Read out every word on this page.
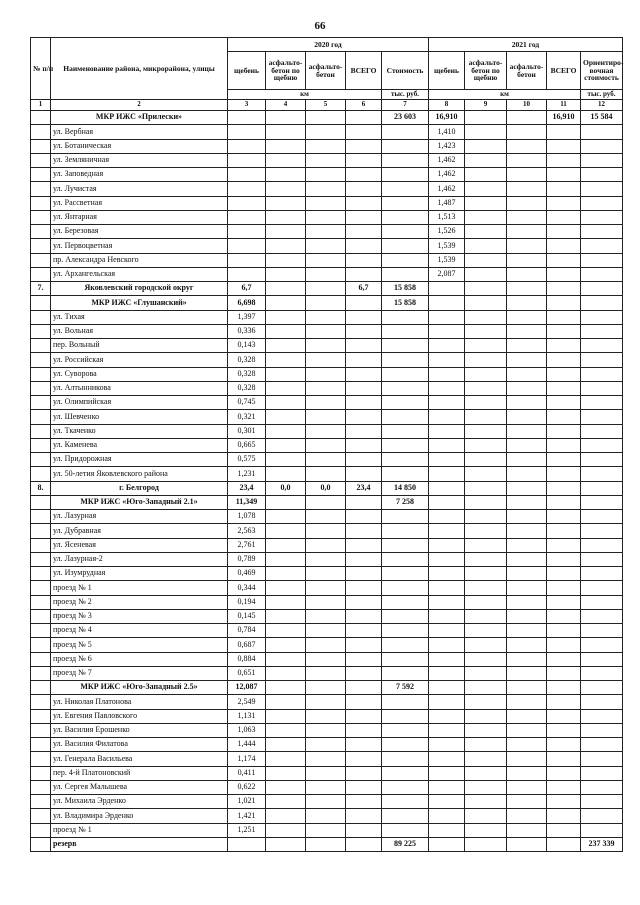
66
№ п/п	Наименование района, микрорайона, улицы	2020 год					2021 год				
		щебень	асфальто-бетон по щебню	асфальто-бетон	ВСЕГО	Стоимость	щебень	асфальто-бетон по щебню	асфальто-бетон	ВСЕГО	Ориентиро-вочная стоимость
		км				тыс. руб.	км				тыс. руб.
1	2	3	4	5	6	7	8	9	10	11	12
	МКР ИЖС «Прилески»					23 603	16,910			16,910	15 584
	ул. Вербная						1,410				
	ул. Ботаническая						1,423				
	ул. Земляничная						1,462				
	ул. Заповедная						1,462				
	ул. Лучистая						1,462				
	ул. Рассветная						1,487				
	ул. Янтарная						1,513				
	ул. Березовая						1,526				
	ул. Первоцветная						1,539				
	пр. Александра Невского						1,539				
	ул. Архангельская						2,087				
7.	Яковлевский городской округ	6,7			6,7	15 858					
	МКР ИЖС «Глушанский»	6,698				15 858					
	ул. Тихая	1,397									
	ул. Вольная	0,336									
	пер. Вольный	0,143									
	ул. Российская	0,328									
	ул. Суворова	0,328									
	ул. Алтынникова	0,328									
	ул. Олимпийская	0,745									
	ул. Шевченко	0,321									
	ул. Ткаченко	0,301									
	ул. Каменева	0,665									
	ул. Придорожная	0,575									
	ул. 50-летия Яковлевского района	1,231									
8.	г. Белгород	23,4	0,0	0,0	23,4	14 850					
	МКР ИЖС «Юго-Западный 2.1»	11,349				7 258					
	ул. Лазурная	1,078									
	ул. Дубравная	2,563									
	ул. Ясеневая	2,761									
	ул. Лазурная-2	0,789									
	ул. Изумрудная	0,469									
	проезд № 1	0,344									
	проезд № 2	0,194									
	проезд № 3	0,145									
	проезд № 4	0,784									
	проезд № 5	0,687									
	проезд № 6	0,884									
	проезд № 7	0,651									
	МКР ИЖС «Юго-Западный 2.5»	12,087				7 592					
	ул. Николая Платонова	2,549									
	ул. Евгения Павловского	1,131									
	ул. Василия Ерошенко	1,063									
	ул. Василия Филатова	1,444									
	ул. Генерала Васильева	1,174									
	пер. 4-й Платоновский	0,411									
	ул. Сергея Малышева	0,622									
	ул. Михаила Эрденко	1,021									
	ул. Владимира Эрденко	1,421									
	проезд № 1	1,251									
	резерв					89 225					237 339
